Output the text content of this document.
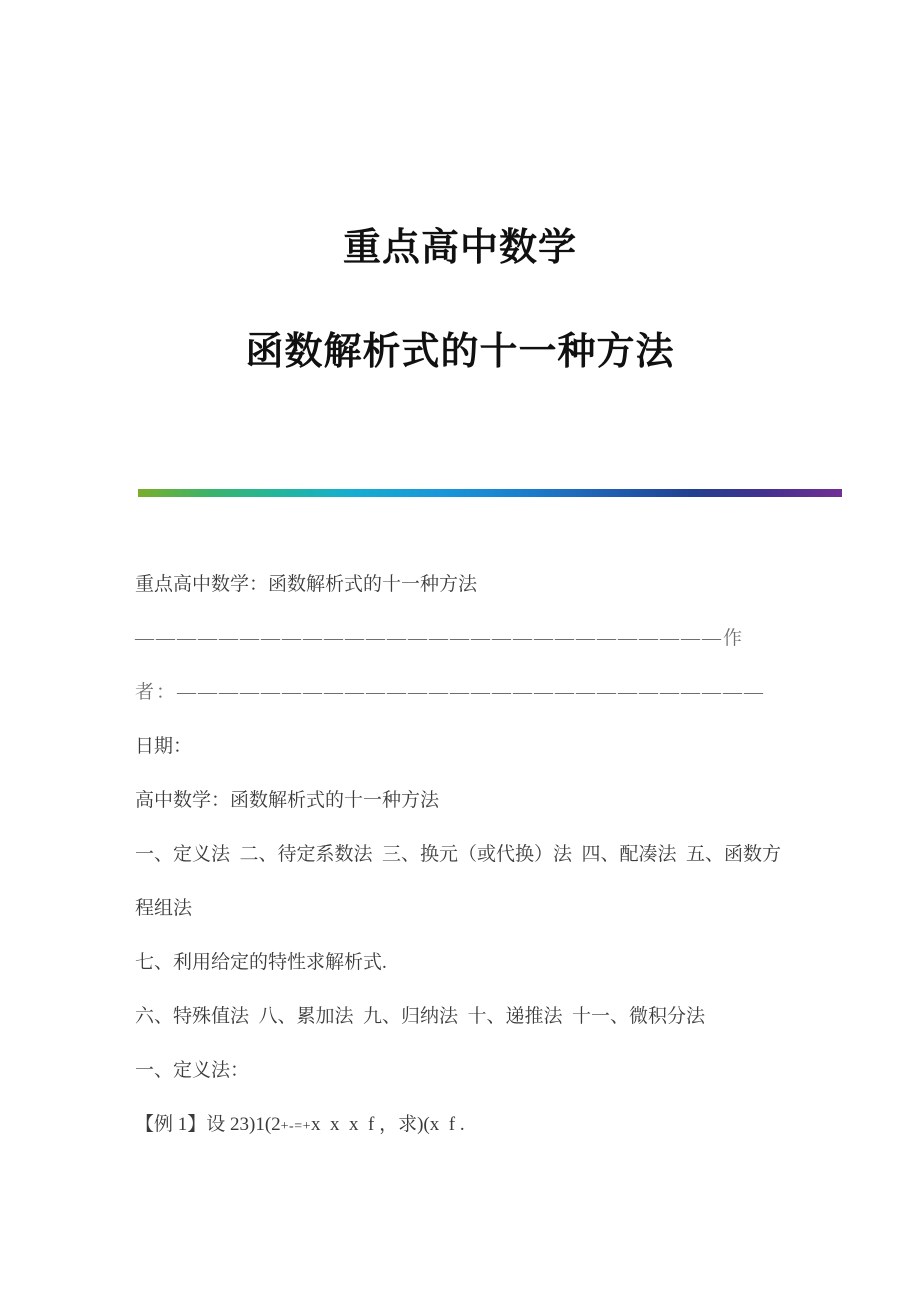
重点高中数学
函数解析式的十一种方法
重点高中数学：函数解析式的十一种方法
————————————————————————————作
者：————————————————————————————
日期：
高中数学：函数解析式的十一种方法
一、定义法  二、待定系数法  三、换元（或代换）法  四、配凑法  五、函数方
程组法
七、利用给定的特性求解析式.
六、特殊值法  八、累加法  九、归纳法  十、递推法  十一、微积分法
一、定义法：
【例 1】设 23)1(2+-=+x  x  x  f ，求)(x  f .
